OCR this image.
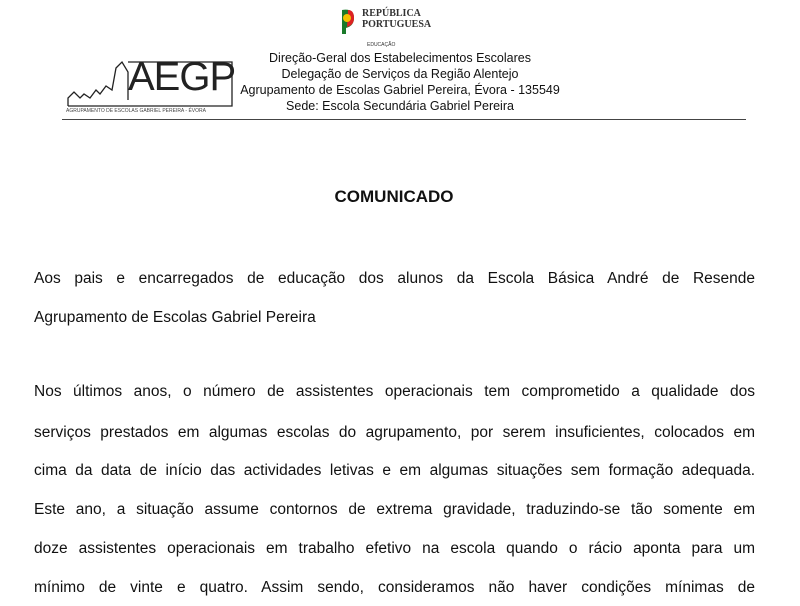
REPÚBLICA
PORTUGUESA
EDUCAÇÃO
AEGP
AGRUPAMENTO DE ESCOLAS GABRIEL PEREIRA - ÉVORA
Direção-Geral dos Estabelecimentos Escolares
Delegação de Serviços da Região Alentejo
Agrupamento de Escolas Gabriel Pereira, Évora - 135549
Sede: Escola Secundária Gabriel Pereira
COMUNICADO
Aos pais e encarregados de educação dos alunos da Escola Básica André de Resende
Agrupamento de Escolas Gabriel Pereira
Nos últimos anos, o número de assistentes operacionais tem comprometido a qualidade dos
serviços prestados em algumas escolas do agrupamento, por serem insuficientes, colocados em
cima da data de início das actividades letivas e em algumas situações sem formação adequada.
Este ano, a situação assume contornos de extrema gravidade, traduzindo-se tão somente em
doze assistentes operacionais em trabalho efetivo na escola quando o rácio aponta para um
mínimo de vinte e quatro. Assim sendo, consideramos não haver condições mínimas de
